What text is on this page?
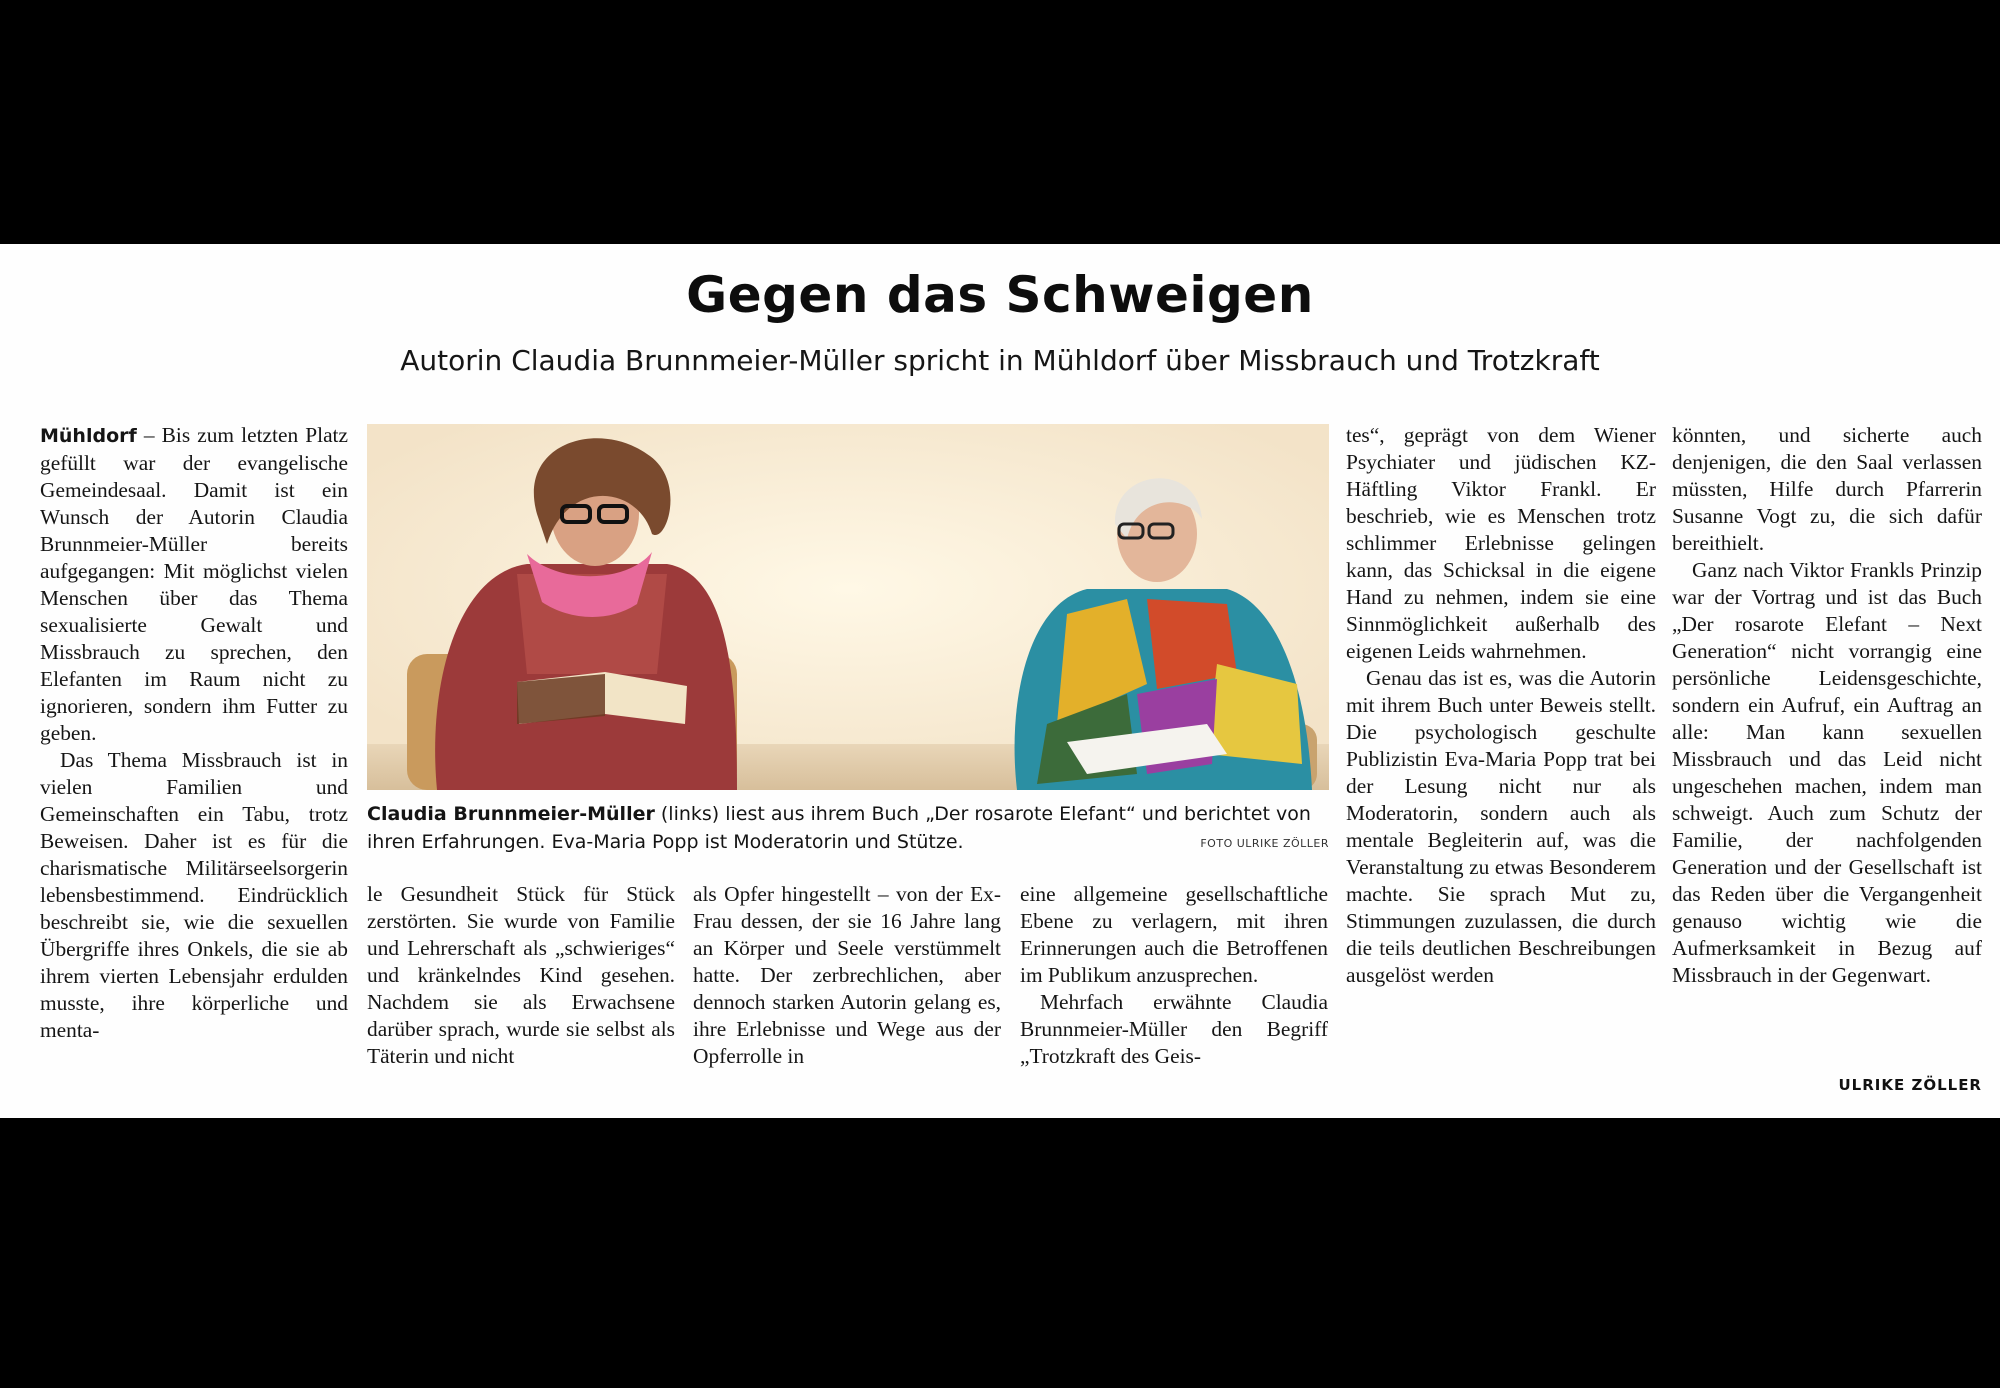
Gegen das Schweigen
Autorin Claudia Brunnmeier-Müller spricht in Mühldorf über Missbrauch und Trotzkraft

Mühldorf – Bis zum letzten Platz gefüllt war der evangelische Gemeindesaal. Damit ist ein Wunsch der Autorin Claudia Brunnmeier-Müller bereits aufgegangen: Mit möglichst vielen Menschen über das Thema sexualisierte Gewalt und Missbrauch zu sprechen, den Elefanten im Raum nicht zu ignorieren, sondern ihm Futter zu geben.

Das Thema Missbrauch ist in vielen Familien und Gemeinschaften ein Tabu, trotz Beweisen. Daher ist es für die charismatische Militärseelsorgerin lebensbestimmend. Eindrücklich beschreibt sie, wie die sexuellen Übergriffe ihres Onkels, die sie ab ihrem vierten Lebensjahr erdulden musste, ihre körperliche und menta-

Claudia Brunnmeier-Müller (links) liest aus ihrem Buch „Der rosarote Elefant“ und berichtet von ihren Erfahrungen. Eva-Maria Popp ist Moderatorin und Stütze.	FOTO ULRIKE ZÖLLER

le Gesundheit Stück für Stück zerstörten. Sie wurde von Familie und Lehrerschaft als „schwieriges“ und kränkelndes Kind gesehen. Nachdem sie als Erwachsene darüber sprach, wurde sie selbst als Täterin und nicht

als Opfer hingestellt – von der Ex-Frau dessen, der sie 16 Jahre lang an Körper und Seele verstümmelt hatte. Der zerbrechlichen, aber dennoch starken Autorin gelang es, ihre Erlebnisse und Wege aus der Opferrolle in

eine allgemeine gesellschaftliche Ebene zu verlagern, mit ihren Erinnerungen auch die Betroffenen im Publikum anzusprechen.

Mehrfach erwähnte Claudia Brunnmeier-Müller den Begriff „Trotzkraft des Geis-

tes“, geprägt von dem Wiener Psychiater und jüdischen KZ-Häftling Viktor Frankl. Er beschrieb, wie es Menschen trotz schlimmer Erlebnisse gelingen kann, das Schicksal in die eigene Hand zu nehmen, indem sie eine Sinnmöglichkeit außerhalb des eigenen Leids wahrnehmen.

Genau das ist es, was die Autorin mit ihrem Buch unter Beweis stellt. Die psychologisch geschulte Publizistin Eva-Maria Popp trat bei der Lesung nicht nur als Moderatorin, sondern auch als mentale Begleiterin auf, was die Veranstaltung zu etwas Besonderem machte. Sie sprach Mut zu, Stimmungen zuzulassen, die durch die teils deutlichen Beschreibungen ausgelöst werden

könnten, und sicherte auch denjenigen, die den Saal verlassen müssten, Hilfe durch Pfarrerin Susanne Vogt zu, die sich dafür bereithielt.

Ganz nach Viktor Frankls Prinzip war der Vortrag und ist das Buch „Der rosarote Elefant – Next Generation“ nicht vorrangig eine persönliche Leidensgeschichte, sondern ein Aufruf, ein Auftrag an alle: Man kann sexuellen Missbrauch und das Leid nicht ungeschehen machen, indem man schweigt. Auch zum Schutz der Familie, der nachfolgenden Generation und der Gesellschaft ist das Reden über die Vergangenheit genauso wichtig wie die Aufmerksamkeit in Bezug auf Missbrauch in der Gegenwart.

ULRIKE ZÖLLER
